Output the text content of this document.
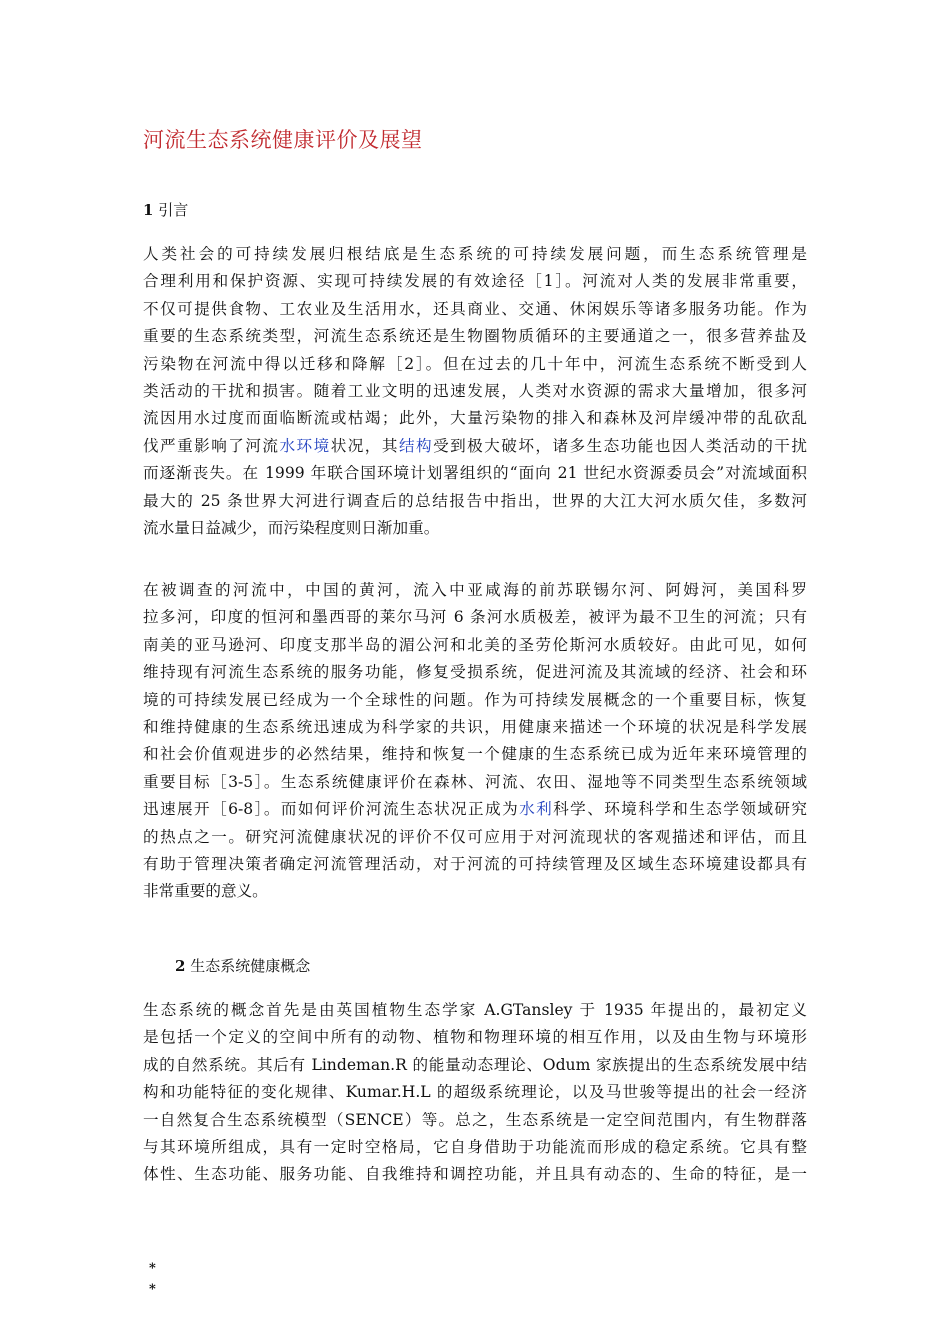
河流生态系统健康评价及展望
1 引言
人类社会的可持续发展归根结底是生态系统的可持续发展问题，而生态系统管理是
合理利用和保护资源、实现可持续发展的有效途径［1］。河流对人类的发展非常重要，
不仅可提供食物、工农业及生活用水，还具商业、交通、休闲娱乐等诸多服务功能。作为
重要的生态系统类型，河流生态系统还是生物圈物质循环的主要通道之一，很多营养盐及
污染物在河流中得以迁移和降解［2］。但在过去的几十年中，河流生态系统不断受到人
类活动的干扰和损害。随着工业文明的迅速发展，人类对水资源的需求大量增加，很多河
流因用水过度而面临断流或枯竭；此外，大量污染物的排入和森林及河岸缓冲带的乱砍乱
伐严重影响了河流水环境状况，其结构受到极大破坏，诸多生态功能也因人类活动的干扰
而逐渐丧失。在 1999 年联合国环境计划署组织的“面向 21 世纪水资源委员会”对流域面积
最大的 25 条世界大河进行调查后的总结报告中指出，世界的大江大河水质欠佳，多数河
流水量日益减少，而污染程度则日渐加重。
在被调查的河流中，中国的黄河，流入中亚咸海的前苏联锡尔河、阿姆河，美国科罗
拉多河，印度的恒河和墨西哥的莱尔马河 6 条河水质极差，被评为最不卫生的河流；只有
南美的亚马逊河、印度支那半岛的湄公河和北美的圣劳伦斯河水质较好。由此可见，如何
维持现有河流生态系统的服务功能，修复受损系统，促进河流及其流域的经济、社会和环
境的可持续发展已经成为一个全球性的问题。作为可持续发展概念的一个重要目标，恢复
和维持健康的生态系统迅速成为科学家的共识，用健康来描述一个环境的状况是科学发展
和社会价值观进步的必然结果，维持和恢复一个健康的生态系统已成为近年来环境管理的
重要目标［3-5］。生态系统健康评价在森林、河流、农田、湿地等不同类型生态系统领域
迅速展开［6-8］。而如何评价河流生态状况正成为水利科学、环境科学和生态学领域研究
的热点之一。研究河流健康状况的评价不仅可应用于对河流现状的客观描述和评估，而且
有助于管理决策者确定河流管理活动，对于河流的可持续管理及区域生态环境建设都具有
非常重要的意义。
2 生态系统健康概念
生态系统的概念首先是由英国植物生态学家 A.GTansley 于 1935 年提出的，最初定义
是包括一个定义的空间中所有的动物、植物和物理环境的相互作用，以及由生物与环境形
成的自然系统。其后有 Lindeman.R 的能量动态理论、Odum 家族提出的生态系统发展中结
构和功能特征的变化规律、Kumar.H.L 的超级系统理论，以及马世骏等提出的社会一经济
一自然复合生态系统模型（SENCE）等。总之，生态系统是一定空间范围内，有生物群落
与其环境所组成，具有一定时空格局，它自身借助于功能流而形成的稳定系统。它具有整
体性、生态功能、服务功能、自我维持和调控功能，并且具有动态的、生命的特征，是一
*
*
